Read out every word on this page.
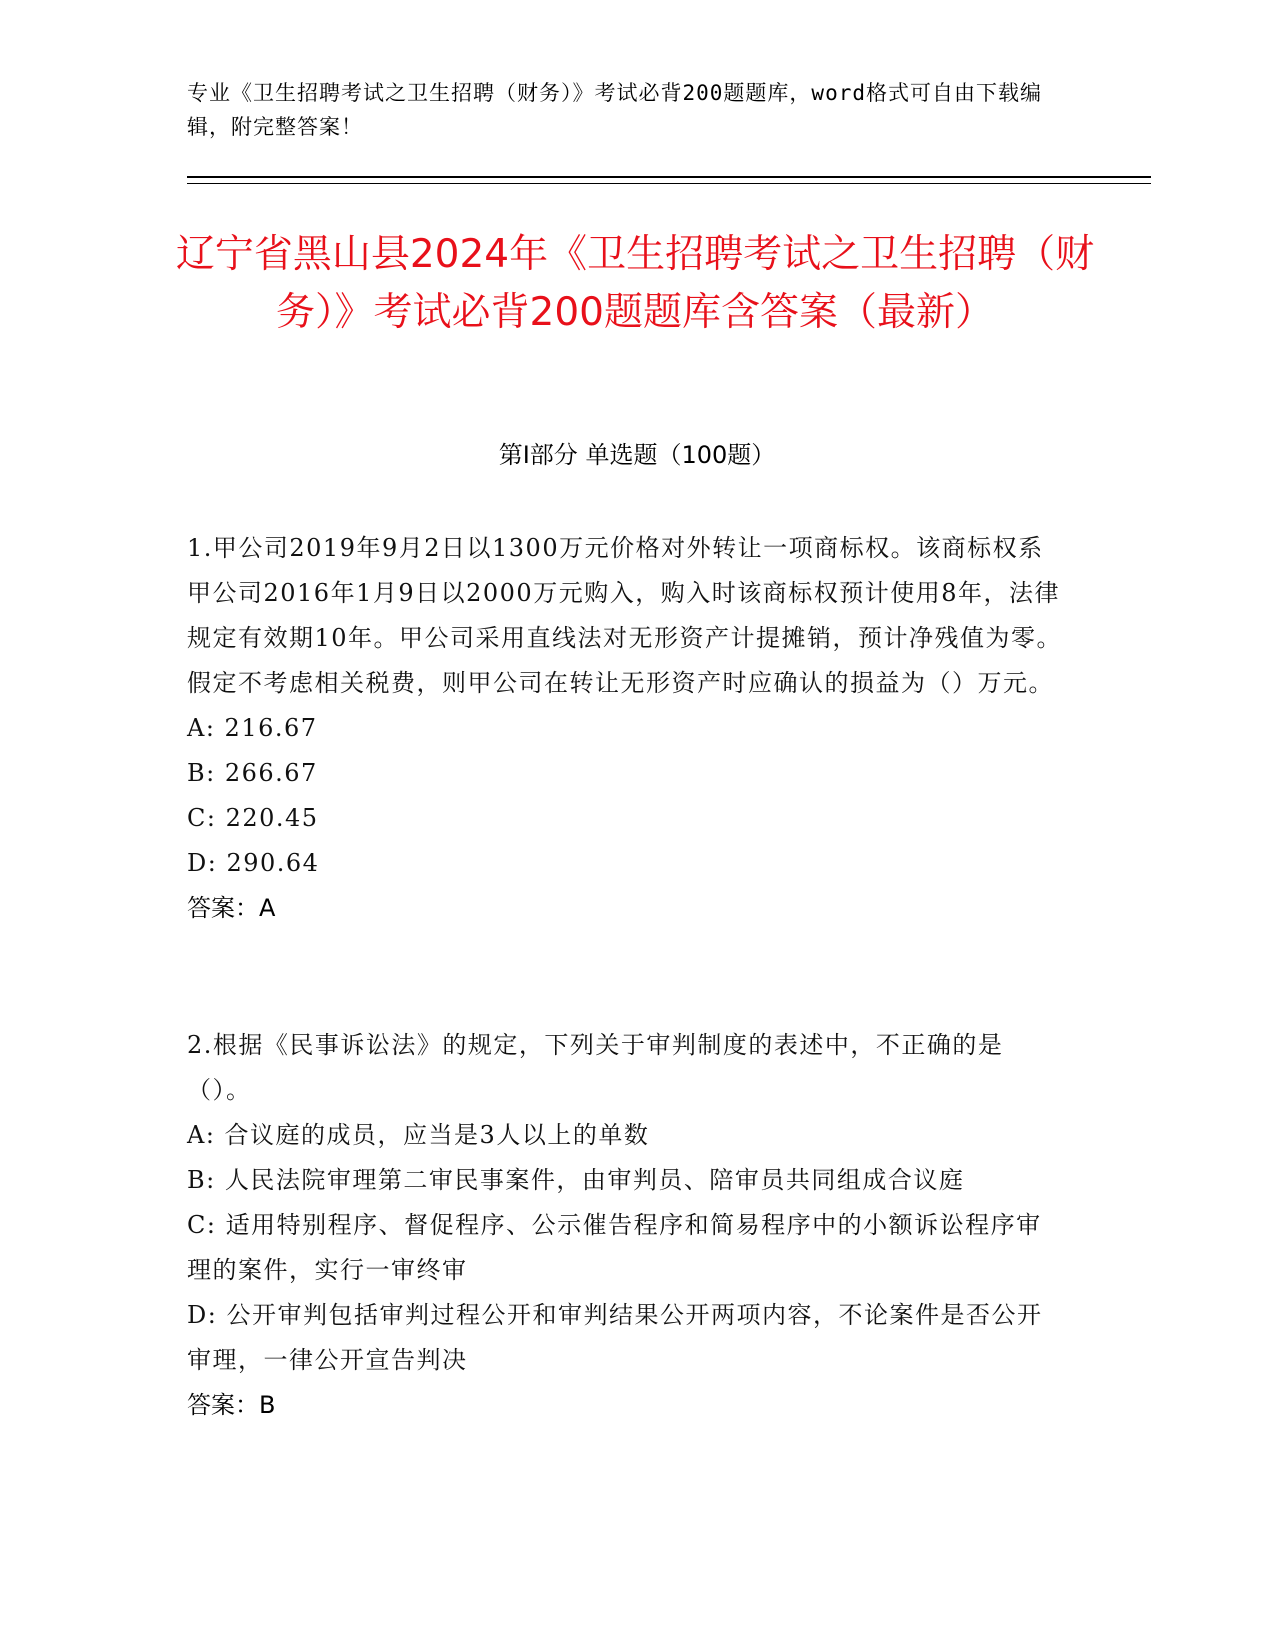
专业《卫生招聘考试之卫生招聘（财务）》考试必背200题题库，word格式可自由下载编辑，附完整答案！
辽宁省黑山县2024年《卫生招聘考试之卫生招聘（财务）》考试必背200题题库含答案（最新）
第I部分 单选题（100题）
1.甲公司2019年9月2日以1300万元价格对外转让一项商标权。该商标权系甲公司2016年1月9日以2000万元购入，购入时该商标权预计使用8年，法律规定有效期10年。甲公司采用直线法对无形资产计提摊销，预计净残值为零。假定不考虑相关税费，则甲公司在转让无形资产时应确认的损益为（）万元。
A: 216.67
B: 266.67
C: 220.45
D: 290.64
答案：A
2.根据《民事诉讼法》的规定，下列关于审判制度的表述中，不正确的是（）。
A: 合议庭的成员，应当是3人以上的单数
B: 人民法院审理第二审民事案件，由审判员、陪审员共同组成合议庭
C: 适用特别程序、督促程序、公示催告程序和简易程序中的小额诉讼程序审理的案件，实行一审终审
D: 公开审判包括审判过程公开和审判结果公开两项内容，不论案件是否公开审理，一律公开宣告判决
答案：B
